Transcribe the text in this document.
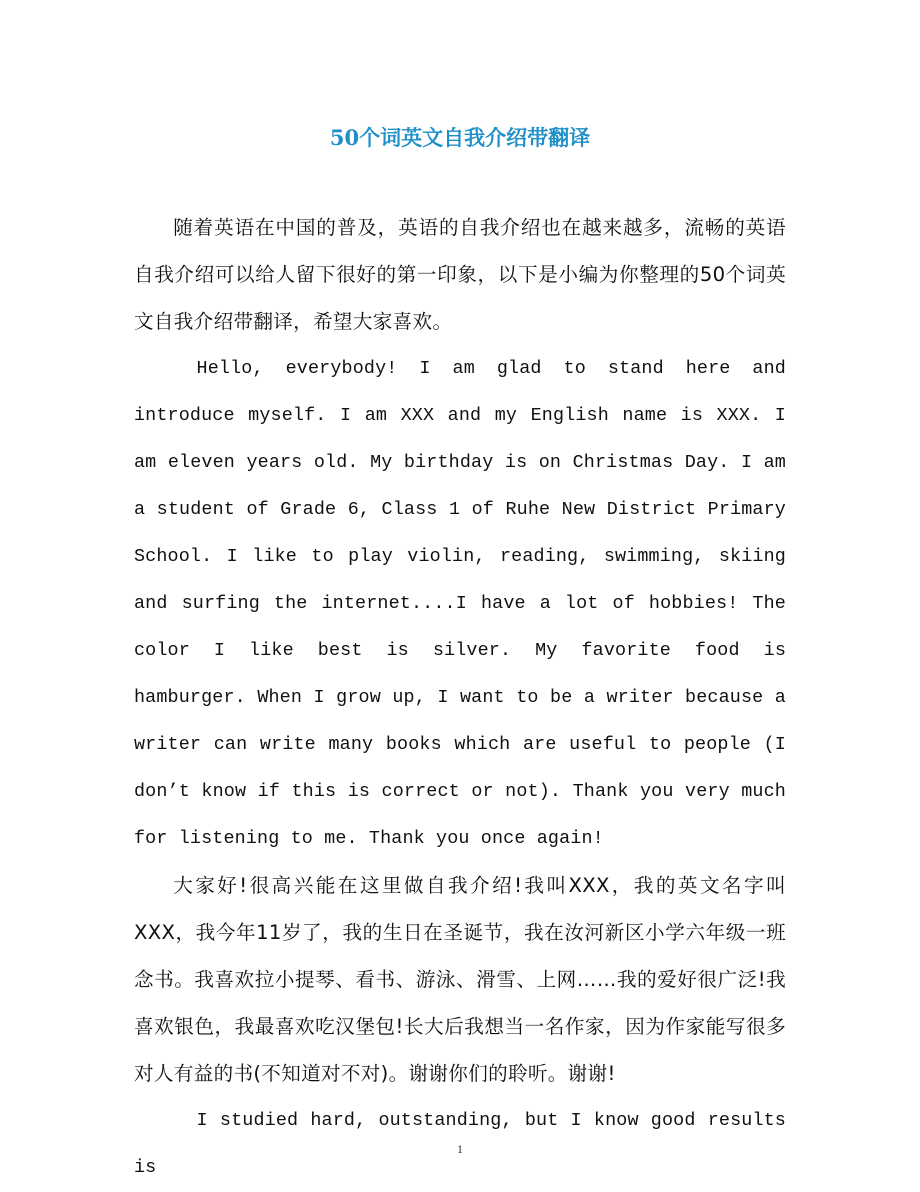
50个词英文自我介绍带翻译

随着英语在中国的普及，英语的自我介绍也在越来越多，流畅的英语自我介绍可以给人留下很好的第一印象，以下是小编为你整理的50个词英文自我介绍带翻译，希望大家喜欢。

Hello, everybody! I am glad to stand here and introduce myself. I am XXX and my English name is XXX. I am eleven years old. My birthday is on Christmas Day. I am a student of Grade 6, Class 1 of Ruhe New District Primary School. I like to play violin, reading, swimming, skiing and surfing the internet....I have a lot of hobbies! The color I like best is silver. My favorite food is hamburger. When I grow up, I want to be a writer because a writer can write many books which are useful to people (I don’t know if this is correct or not). Thank you very much for listening to me. Thank you once again!

大家好!很高兴能在这里做自我介绍!我叫XXX，我的英文名字叫XXX，我今年11岁了，我的生日在圣诞节，我在汝河新区小学六年级一班念书。我喜欢拉小提琴、看书、游泳、滑雪、上网……我的爱好很广泛!我喜欢银色，我最喜欢吃汉堡包!长大后我想当一名作家，因为作家能写很多对人有益的书(不知道对不对)。谢谢你们的聆听。谢谢!

I studied hard, outstanding, but I know good results is

1
